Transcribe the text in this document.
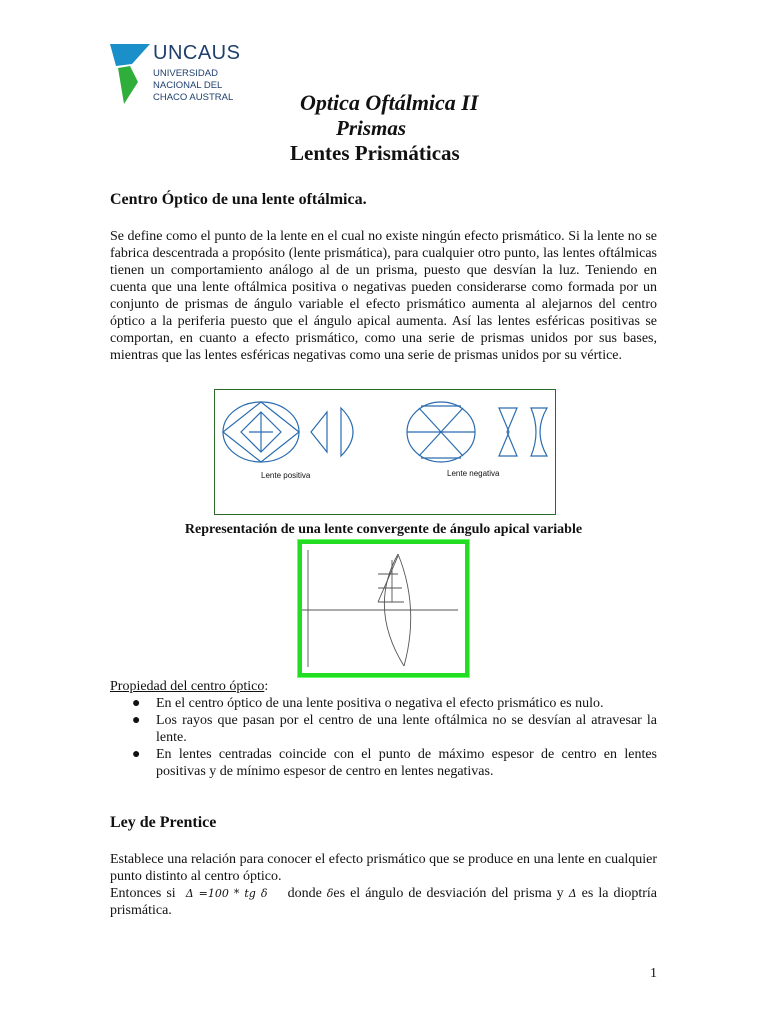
UNCAUS
UNIVERSIDAD
NACIONAL DEL
CHACO AUSTRAL	Optica Oftálmica II
Prismas
Lentes Prismáticas
Centro Óptico de una lente oftálmica.

Se define como el punto de la lente en el cual no existe ningún efecto prismático. Si la lente no se fabrica descentrada a propósito (lente prismática), para cualquier otro punto, las lentes oftálmicas tienen un comportamiento análogo al de un prisma, puesto que desvían la luz. Teniendo en cuenta que una lente oftálmica positiva o negativas pueden considerarse como formada por un conjunto de prismas de ángulo variable el efecto prismático aumenta al alejarnos del centro óptico a la periferia puesto que el ángulo apical aumenta. Así las lentes esféricas positivas se comportan, en cuanto a efecto prismático, como una serie de prismas unidos por sus bases, mientras que las lentes esféricas negativas como una serie de prismas unidos por su vértice.

Lente positiva	Lente negativa
Representación de una lente convergente de ángulo apical variable
Propiedad del centro óptico:
● En el centro óptico de una lente positiva o negativa el efecto prismático es nulo.
● Los rayos que pasan por el centro de una lente oftálmica no se desvían al atravesar la lente.
● En lentes centradas coincide con el punto de máximo espesor de centro en lentes positivas y de mínimo espesor de centro en lentes negativas.
Ley de Prentice

Establece una relación para conocer el efecto prismático que se produce en una lente en cualquier punto distinto al centro óptico.

Entonces si Δ =100 * tg δ donde δes el ángulo de desviación del prisma y Δ es la dioptría prismática.

1
